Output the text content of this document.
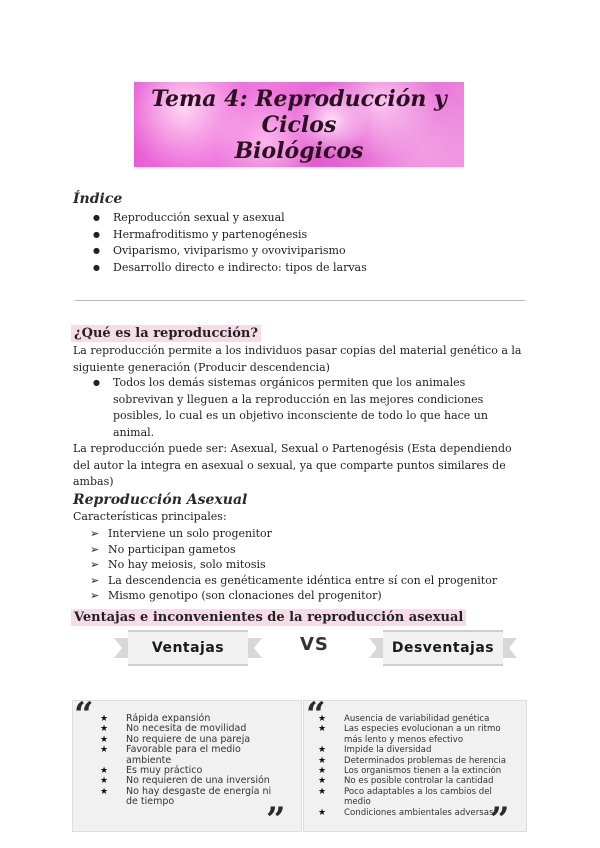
Tema 4: Reproducción y Ciclos
Biológicos
Índice
● Reproducción sexual y asexual
● Hermafroditismo y partenogénesis
● Oviparismo, viviparismo y ovoviviparismo
● Desarrollo directo e indirecto: tipos de larvas
¿Qué es la reproducción?
La reproducción permite a los individuos pasar copias del material genético a la siguiente generación (Producir descendencia)
● Todos los demás sistemas orgánicos permiten que los animales sobrevivan y lleguen a la reproducción en las mejores condiciones posibles, lo cual es un objetivo inconsciente de todo lo que hace un animal.
La reproducción puede ser: Asexual, Sexual o Partenogésis (Esta dependiendo del autor la integra en asexual o sexual, ya que comparte puntos similares de ambas)
Reproducción Asexual
Características principales:
➢ Interviene un solo progenitor
➢ No participan gametos
➢ No hay meiosis, solo mitosis
➢ La descendencia es genéticamente idéntica entre sí con el progenitor
➢ Mismo genotipo (son clonaciones del progenitor)
Ventajas e inconvenientes de la reproducción asexual
Ventajas	VS	Desventajas
“
”
★ Rápida expansión
★ No necesita de movilidad
★ No requiere de una pareja
★ Favorable para el medio ambiente
★ Es muy práctico
★ No requieren de una inversión
★ No hay desgaste de energía ni de tiempo
“
”
★ Ausencia de variabilidad genética
★ Las especies evolucionan a un ritmo más lento y menos efectivo
★ Impide la diversidad
★ Determinados problemas de herencia
★ Los organismos tienen a la extinción
★ No es posible controlar la cantidad
★ Poco adaptables a los cambios del medio
★ Condiciones ambientales adversas
